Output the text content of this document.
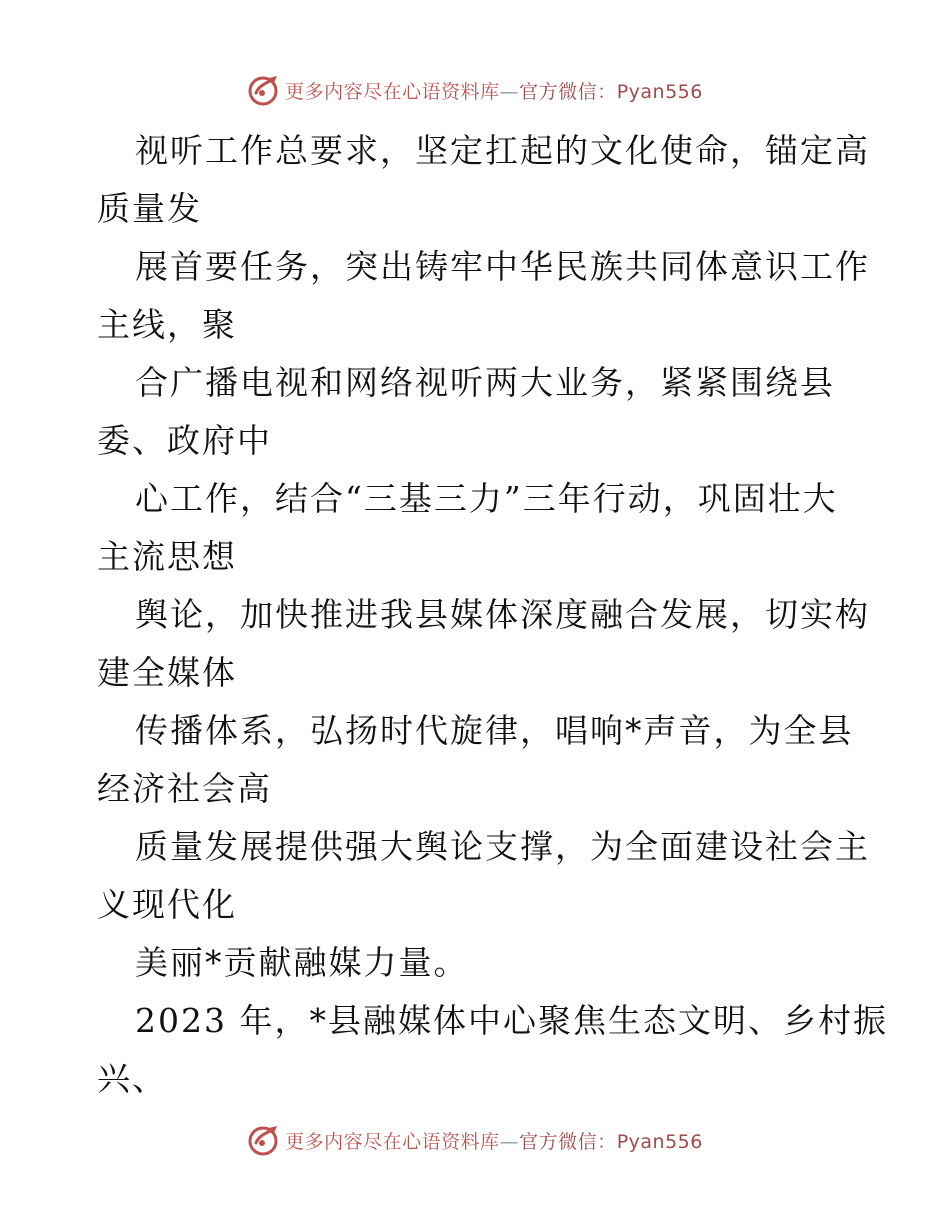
更多内容尽在心语资料库—官方微信：Pyan556
视听工作总要求，坚定扛起的文化使命，锚定高
质量发
展首要任务，突出铸牢中华民族共同体意识工作
主线，聚
合广播电视和网络视听两大业务，紧紧围绕县
委、政府中
心工作，结合“三基三力”三年行动，巩固壮大
主流思想
舆论，加快推进我县媒体深度融合发展，切实构
建全媒体
传播体系，弘扬时代旋律，唱响*声音，为全县
经济社会高
质量发展提供强大舆论支撑，为全面建设社会主
义现代化
美丽*贡献融媒力量。
2023 年，*县融媒体中心聚焦生态文明、乡村振
兴、
更多内容尽在心语资料库—官方微信：Pyan556
